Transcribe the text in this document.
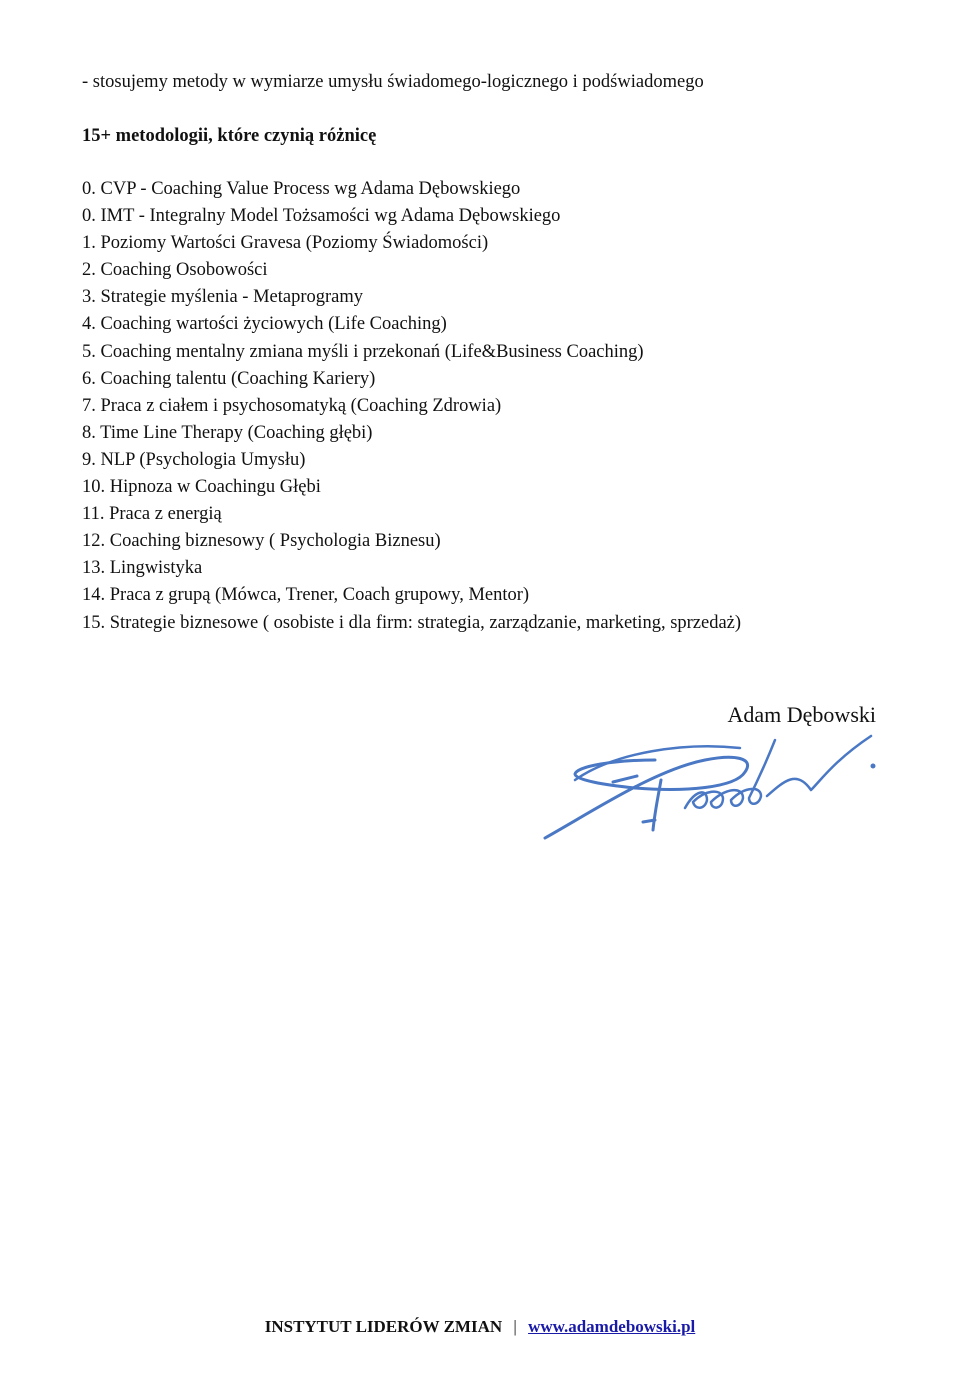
- stosujemy metody w wymiarze umysłu świadomego-logicznego i podświadomego
15+ metodologii, które czynią różnicę
0. CVP - Coaching Value Process wg Adama Dębowskiego
0. IMT - Integralny Model Tożsamości wg Adama Dębowskiego
1. Poziomy Wartości Gravesa (Poziomy Świadomości)
2. Coaching Osobowości
3. Strategie myślenia - Metaprogramy
4. Coaching wartości życiowych (Life Coaching)
5. Coaching mentalny zmiana myśli i przekonań (Life&Business Coaching)
6. Coaching talentu (Coaching Kariery)
7. Praca z ciałem i psychosomatyką (Coaching Zdrowia)
8. Time Line Therapy (Coaching głębi)
9. NLP (Psychologia Umysłu)
10. Hipnoza w Coachingu Głębi
11. Praca z energią
12. Coaching biznesowy ( Psychologia Biznesu)
13. Lingwistyka
14. Praca z grupą (Mówca, Trener, Coach grupowy, Mentor)
15. Strategie biznesowe ( osobiste i dla firm: strategia, zarządzanie, marketing, sprzedaż)
Adam Dębowski
INSTYTUT LIDERÓW ZMIAN | www.adamdebowski.pl
